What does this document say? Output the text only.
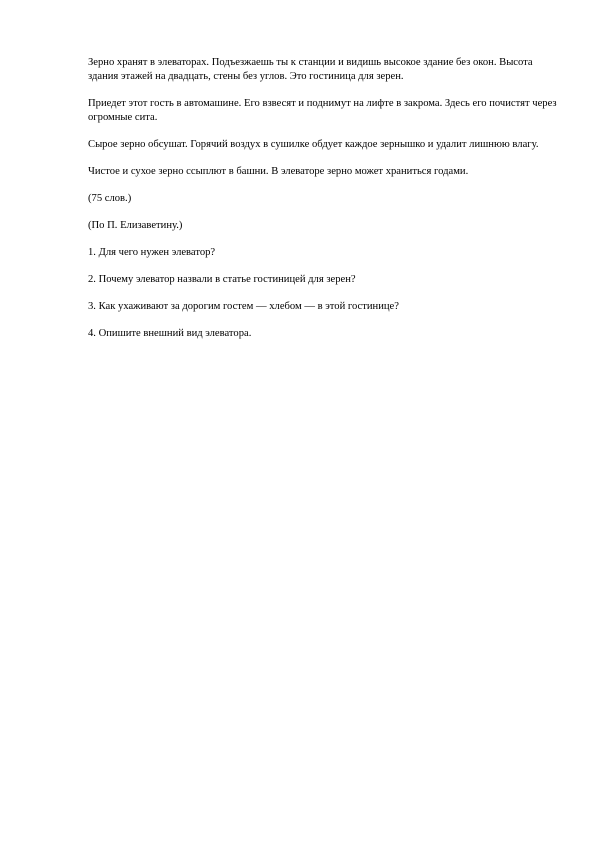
Зерно хранят в элеваторах. Подъезжаешь ты к станции и видишь высокое здание без окон. Высота здания этажей на двадцать, стены без углов. Это гостиница для зерен.

Приедет этот гость в автомашине. Его взвесят и поднимут на лифте в закрома. Здесь его почистят через огромные сита.

Сырое зерно обсушат. Горячий воздух в сушилке обдует каждое зернышко и удалит лишнюю влагу.

Чистое и сухое зерно ссыплют в башни. В элеваторе зерно может храниться годами.

(75 слов.)

(По П. Елизаветину.)

1. Для чего нужен элеватор?

2. Почему элеватор назвали в статье гостиницей для зерен?

3. Как ухаживают за дорогим гостем — хлебом — в этой гостинице?

4. Опишите внешний вид элеватора.
